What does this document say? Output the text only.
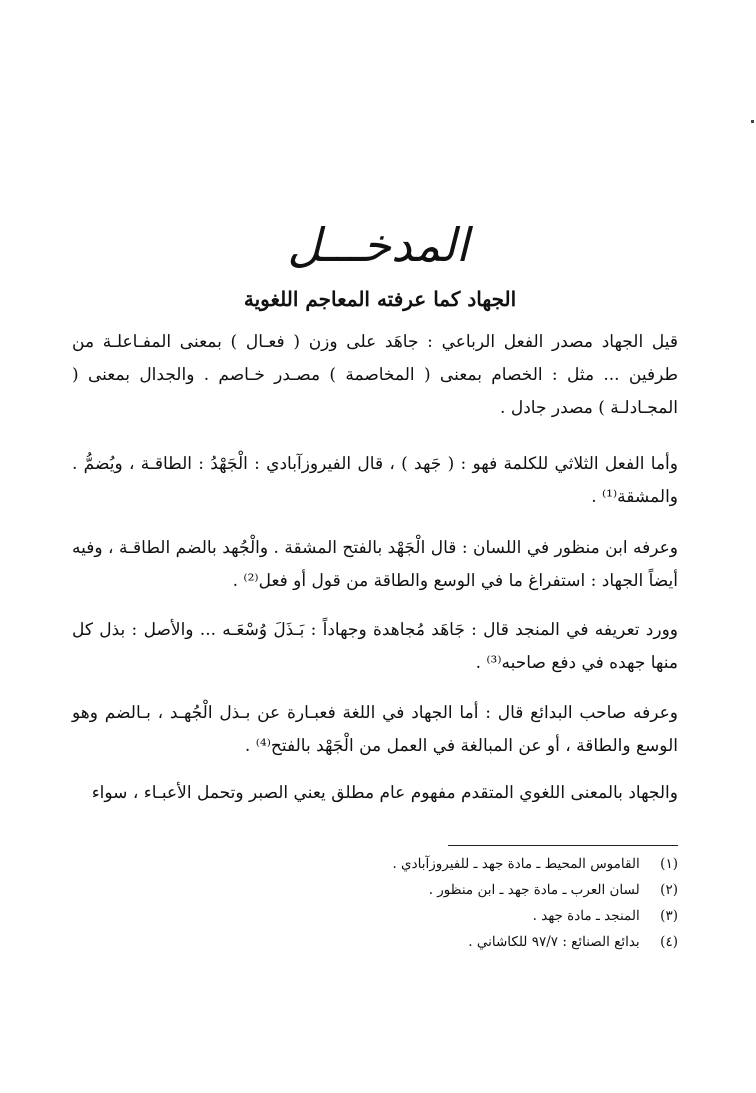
المدخـــل
الجهاد كما عرفته المعاجم اللغوية

قيل الجهاد مصدر الفعل الرباعي : جاهَد على وزن ( فعـال ) بمعنى المفـاعلـة من طرفين ... مثل : الخصام بمعنى ( المخاصمة ) مصـدر خـاصم . والجدال بمعنى ( المجـادلـة ) مصدر جادل .

وأما الفعل الثلاثي للكلمة فهو : ( جَهد ) ، قال الفيروزآبادي : الْجَهْدُ : الطاقـة ، ويُضمُّ . والمشقة⁽¹⁾ .

وعرفه ابن منظور في اللسان : قال الْجَهْد بالفتح المشقة . والْجُهد بالضم الطاقـة ، وفيه أيضاً الجهاد : استفراغ ما في الوسع والطاقة من قول أو فعل⁽²⁾ .

وورد تعريفه في المنجد قال : جَاهَد مُجاهدة وجهاداً : بَـذَلَ وُسْعَـه ... والأصل : بذل كل منها جهده في دفع صاحبه⁽³⁾ .

وعرفه صاحب البدائع قال : أما الجهاد في اللغة فعبـارة عن بـذل الْجُهـد ، بـالضم وهو الوسع والطاقة ، أو عن المبالغة في العمل من الْجَهْد بالفتح⁽⁴⁾ .

والجهاد بالمعنى اللغوي المتقدم مفهوم عام مطلق يعني الصبر وتحمل الأعبـاء ، سواء

(١) القاموس المحيط ـ مادة جهد ـ للفيروزآبادي .
(٢) لسان العرب ـ مادة جهد ـ ابن منظور .
(٣) المنجد ـ مادة جهد .
(٤) بدائع الصنائع : ٩٧/٧ للكاشاني .
